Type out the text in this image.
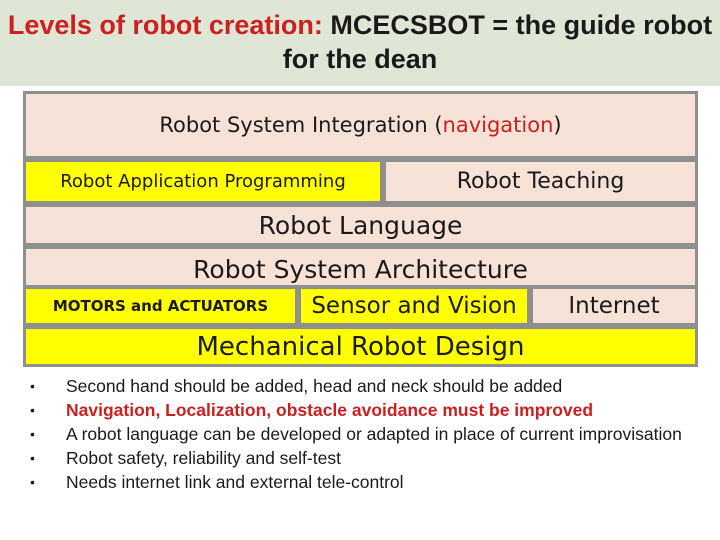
Levels of robot creation: MCECSBOT = the guide robot for the dean
Robot System Integration ( navigation )
Robot Application Programming	Robot Teaching
Robot Language
Robot System Architecture
MOTORS and ACTUATORS Sensor and Vision Internet
Mechanical Robot Design
•	Second hand should be added, head and neck should be added
•	Navigation, Localization, obstacle avoidance must be improved
•	A robot language can be developed or adapted in place of current improvisation
•	Robot safety, reliability and self-test
•	Needs internet link and external tele-control
